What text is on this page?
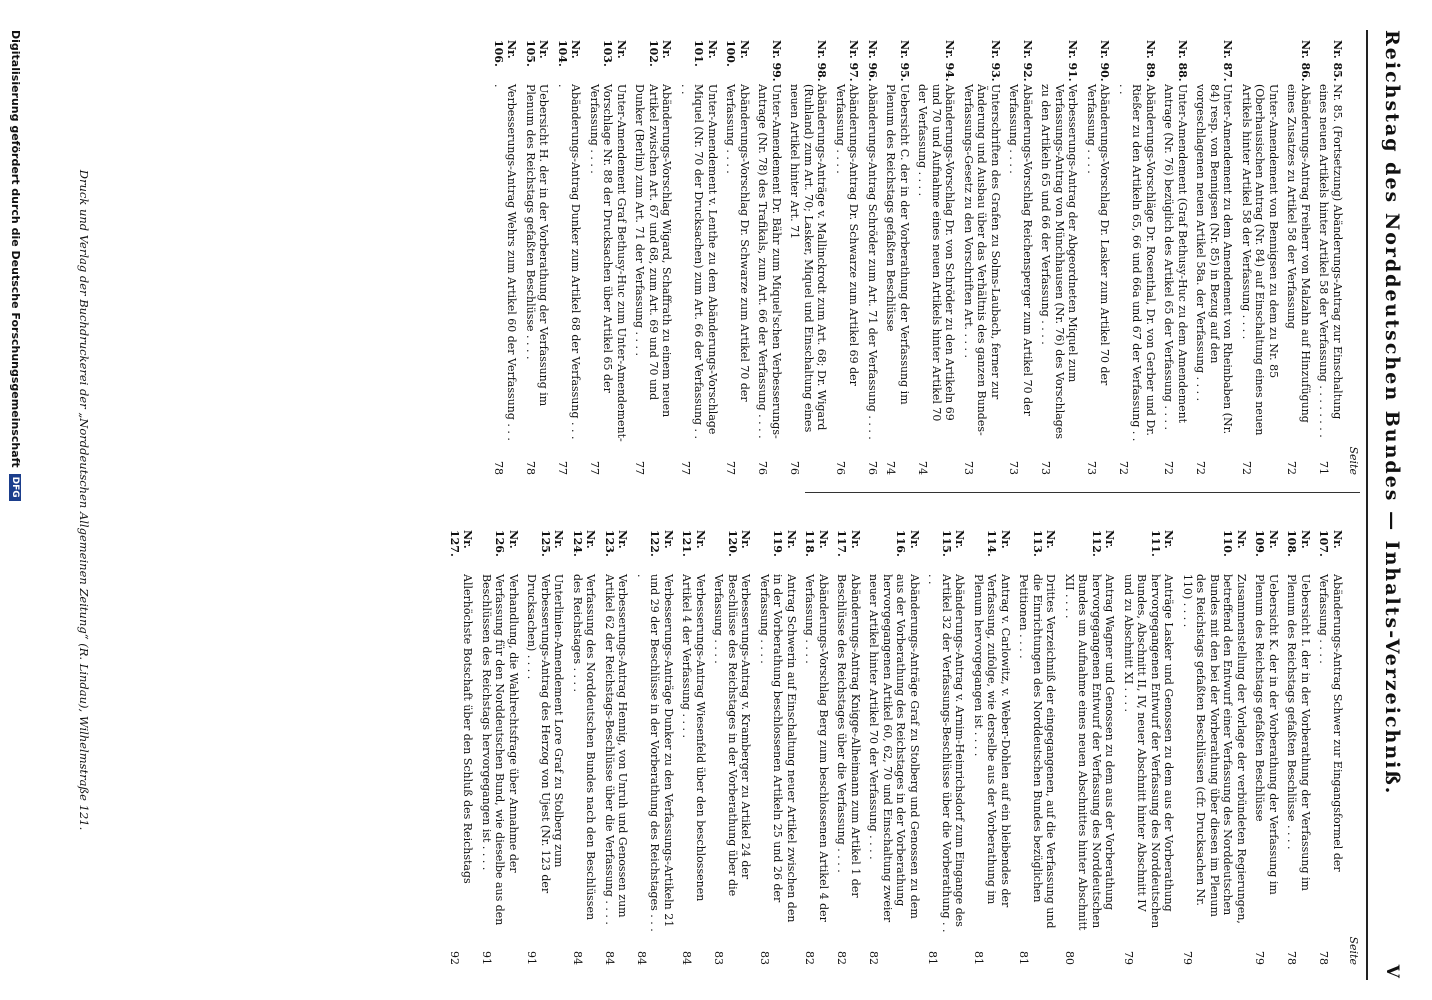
Reichstag des Norddeutschen Bundes — Inhalts-Verzeichniß.
V
Seite
Nr. 85.
Nr. 85. (Fortsetzung) Abänderungs-Antrag zur Einschaltung eines neuen Artikels hinter Artikel 58 der Verfassung . . . . . . . .
71
Nr. 86.
Abänderungs-Antrag Freiherr von Malzahn auf Hinzufügung eines Zusatzes zu Artikel 58 der Verfassung
72
Unter-Amendement von Bennigsen zu dem zu Nr. 85 (Oberhausischen Antrag (Nr. 84) auf Einschaltung eines neuen Artikels hinter Artikel 58 der Verfassung . . . .
72
Nr. 87.
Unter-Amendement zu dem Amendement von Rheinbaben (Nr. 84) resp. von Bennigsen (Nr. 85) in Bezug auf den vorgeschlagenen neuen Artikel 58a. der Verfassung . . . .
72
Nr. 88.
Unter-Amendement (Graf Bethusy-Huc zu dem Amendement Antrage (Nr. 76) bezüglich des Artikel 65 der Verfassung . . . .
72
Nr. 89.
Abänderungs-Vorschläge Dr. Rosenthal, Dr. von Gerber und Dr. Rießer zu den Artikeln 65, 66 und 66a und 67 der Verfassung . . . .
72
Nr. 90.
Abänderungs-Vorschlag Dr. Lasker zum Artikel 70 der Verfassung . . . .
73
Nr. 91.
Verbesserungs-Antrag der Abgeordneten Miquel zum Verfassungs-Antrag von Münchhausen (Nr. 76) des Vorschlages zu den Artikeln 65 und 66 der Verfassung . . . .
73
Nr. 92.
Abänderungs-Vorschlag Reichensperger zum Artikel 70 der Verfassung . . . .
73
Nr. 93.
Unterschriften des Grafen zu Solms-Laubach, ferner zur Änderung und Ausbau über das Verhältnis des ganzen Bundes-Verfassungs-Gesetz zu den Vorschriften Art. . . . .
73
Nr. 94.
Abänderungs-Vorschlag Dr. von Schröder zu den Artikeln 69 und 70 und Aufnahme eines neuen Artikels hinter Artikel 70 der Verfassung . . . .
74
Nr. 95.
Uebersicht C. der in der Vorberathung der Verfassung im Plenum des Reichstags gefaßten Beschlüsse
74
Nr. 96.
Abänderungs-Antrag Schröder zum Art. 71 der Verfassung . . . .
76
Nr. 97.
Abänderungs-Antrag Dr. Schwarze zum Artikel 69 der Verfassung . . . .
76
Nr. 98.
Abänderungs-Anträge v. Mallinckrodt zum Art. 68; Dr. Wigard (Ruhland) zum Art. 70; Lasker, Miquel und Einschaltung eines neuen Artikel hinter Art. 71
76
Nr. 99.
Unter-Amendement Dr. Bähr zum Miquel'schen Verbesserungs-Antrage (Nr. 78) des Trafikals, zum Art. 66 der Verfassung . . . .
76
Nr. 100.
Abänderungs-Vorschlag Dr. Schwarze zum Artikel 70 der Verfassung . . . .
77
Nr. 101.
Unter-Amendement v. Lenthe zu dem Abänderungs-Vorschlage Miquel (Nr. 70 der Drucksachen) zum Art. 66 der Verfassung . . . .
77
Nr. 102.
Abänderungs-Vorschlag Wigard, Schaffrath zu einem neuen Artikel zwischen Art. 67 und 68, zum Art. 69 und 70 und Dunker (Berlin) zum Art. 71 der Verfassung . . . .
77
Nr. 103.
Unter-Amendement Graf Bethusy-Huc zum Unter-Amendement-Vorschlage Nr. 88 der Drucksachen über Artikel 65 der Verfassung . . . .
77
Nr. 104.
Abänderungs-Antrag Dunker zum Artikel 68 der Verfassung . . . .
77
Nr. 105.
Uebersicht H. der in der Vorberathung der Verfassung im Plenum des Reichstags gefaßten Beschlüsse . . . .
78
Nr. 106.
Verbesserungs-Antrag Wehrs zum Artikel 60 der Verfassung . . . .
78
Seite
Nr. 107.
Abänderungs-Antrag Schwer zur Eingangsformel der Verfassung . . . .
78
Nr. 108.
Uebersicht I. der in der Vorberathung der Verfassung im Plenum des Reichstags gefaßten Beschlüsse . . . .
78
Nr. 109.
Uebersicht K. der in der Vorberathung der Verfassung im Plenum des Reichstags gefaßten Beschlüsse
79
Nr. 110.
Zusammenstellung der Vorlage der verbündeten Regierungen, betreffend den Entwurf einer Verfassung des Norddeutschen Bundes mit den bei der Vorberathung über diesen im Plenum des Reichstags gefaßten Beschlüssen (cfr. Drucksachen Nr. 110) . . . .
79
Nr. 111.
Anträge Lasker und Genossen zu dem aus der Vorberathung hervorgegangenen Entwurf der Verfassung des Norddeutschen Bundes, Abschnitt II, IV, neuer Abschnitt hinter Abschnitt IV und zu Abschnitt XI . . . .
79
Nr. 112.
Antrag Wagner und Genossen zu dem aus der Vorberathung hervorgegangenen Entwurf der Verfassung des Norddeutschen Bundes um Aufnahme eines neuen Abschnittes hinter Abschnitt XII . . . .
80
Nr. 113.
Drittes Verzeichniß der eingegangenen, auf die Verfassung und die Einrichtungen des Norddeutschen Bundes bezüglichen Petitionen . . . .
81
Nr. 114.
Antrag v. Carlowitz, v. Weber-Dohlen auf ein bleibendes der Verfassung, zufolge, wie derselbe aus der Vorberathung im Plenum hervorgegangen ist . . . .
81
Nr. 115.
Abänderungs-Antrag v. Arnim-Heinrichsdorf zum Eingange des Artikel 32 der Verfassungs-Beschlüsse über die Vorberathung . . . .
81
Nr. 116.
Abänderungs-Anträge Graf zu Stolberg und Genossen zu dem aus der Vorberathung des Reichstages in der Vorberathung hervorgegangenen Artikel 60, 62, 70 und Einschaltung zweier neuer Artikel hinter Artikel 70 der Verfassung . . . .
82
Nr. 117.
Abänderungs-Antrag Knigge-Alheimann zum Artikel 1 der Beschlüsse des Reichstages über die Verfassung . . . .
82
Nr. 118.
Abänderungs-Vorschlag Berg zum beschlossenen Artikel 4 der Verfassung . . . .
82
Nr. 119.
Antrag Schwerin auf Einschaltung neuer Artikel zwischen den in der Vorberathung beschlossenen Artikeln 25 und 26 der Verfassung . . . .
83
Nr. 120.
Verbesserungs-Antrag v. Kramberger zu Artikel 24 der Beschlüsse des Reichstages in der Vorberathung über die Verfassung . . . .
83
Nr. 121.
Verbesserungs-Antrag Wiesenfeld über den beschlossenen Artikel 4 der Verfassung . . . .
84
Nr. 122.
Verbesserungs-Anträge Dunker zu den Verfassungs-Artikeln 21 und 29 der Beschlüsse in der Vorberathung des Reichstages . . . .
84
Nr. 123.
Verbesserungs-Antrag Hennig, von Unruh und Genossen zum Artikel 62 der Reichstags-Beschlüsse über die Verfassung . . . .
84
Nr. 124.
Verfassung des Norddeutschen Bundes nach den Beschlüssen des Reichstages . . . .
84
Nr. 125.
Unterlinien-Amendement Lore Graf zu Stolberg zum Verbesserungs-Antrag des Herzog von Ujest (Nr. 123 der Drucksachen) . . . .
91
Nr. 126.
Verhandlung, die Wahlrechtsfrage über Annahme der Verfassung für den Norddeutschen Bund, wie dieselbe aus den Beschlüssen des Reichstags hervorgegangen ist . . . .
91
Nr. 127.
Allerhöchste Botschaft über den Schluß des Reichstags
92
Druck und Verlag der Buchdruckerei der „Norddeutschen Allgemeinen Zeitung“ (R. Lindau), Wilhelmstraße 121.
Digitalisierung gefördert durch die Deutsche Forschungsgemeinschaft
DFG
